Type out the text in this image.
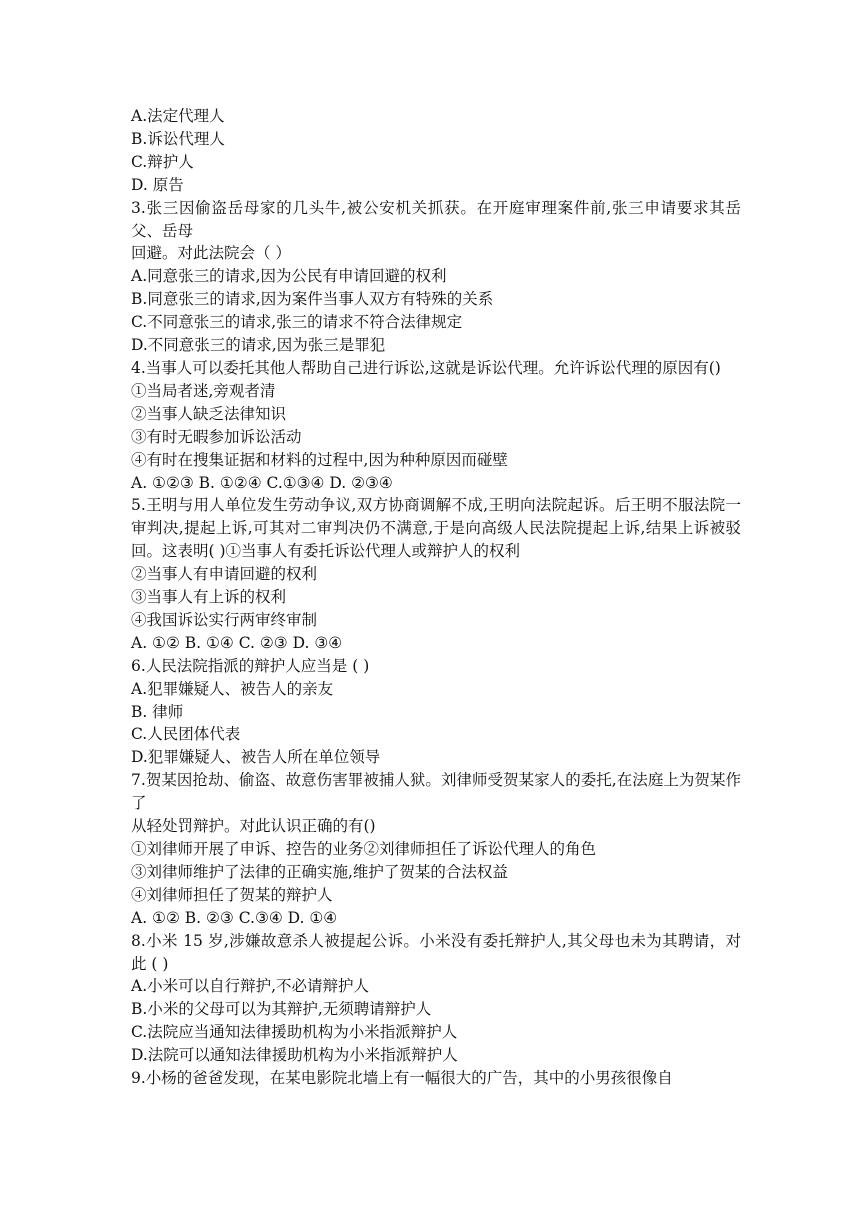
A.法定代理人

B.诉讼代理人

C.辩护人

D. 原告

3.张三因偷盗岳母家的几头牛,被公安机关抓获。在开庭审理案件前,张三申请要求其岳父、岳母

回避。对此法院会（ ）

A.同意张三的请求,因为公民有申请回避的权利

B.同意张三的请求,因为案件当事人双方有特殊的关系

C.不同意张三的请求,张三的请求不符合法律规定

D.不同意张三的请求,因为张三是罪犯

4.当事人可以委托其他人帮助自己进行诉讼,这就是诉讼代理。允许诉讼代理的原因有()

①当局者迷,旁观者清

②当事人缺乏法律知识

③有时无暇参加诉讼活动

④有时在搜集证据和材料的过程中,因为种种原因而碰壁

A. ①②③ B. ①②④ C.①③④ D. ②③④

5.王明与用人单位发生劳动争议,双方协商调解不成,王明向法院起诉。后王明不服法院一审判决,提起上诉,可其对二审判决仍不满意,于是向高级人民法院提起上诉,结果上诉被驳回。这表明( )①当事人有委托诉讼代理人或辩护人的权利

②当事人有申请回避的权利

③当事人有上诉的权利

④我国诉讼实行两审终审制

A. ①② B. ①④ C. ②③ D. ③④

6.人民法院指派的辩护人应当是 ( )

A.犯罪嫌疑人、被告人的亲友

B. 律师

C.人民团体代表

D.犯罪嫌疑人、被告人所在单位领导

7.贺某因抢劫、偷盗、故意伤害罪被捕人狱。刘律师受贺某家人的委托,在法庭上为贺某作了

从轻处罚辩护。对此认识正确的有()

①刘律师开展了申诉、控告的业务②刘律师担任了诉讼代理人的角色

③刘律师维护了法律的正确实施,维护了贺某的合法权益

④刘律师担任了贺某的辩护人

A. ①② B. ②③ C.③④ D. ①④

8.小米 15 岁,涉嫌故意杀人被提起公诉。小米没有委托辩护人,其父母也未为其聘请，对此 ( )

A.小米可以自行辩护,不必请辩护人

B.小米的父母可以为其辩护,无须聘请辩护人

C.法院应当通知法律援助机构为小米指派辩护人

D.法院可以通知法律援助机构为小米指派辩护人

9.小杨的爸爸发现，在某电影院北墙上有一幅很大的广告，其中的小男孩很像自
